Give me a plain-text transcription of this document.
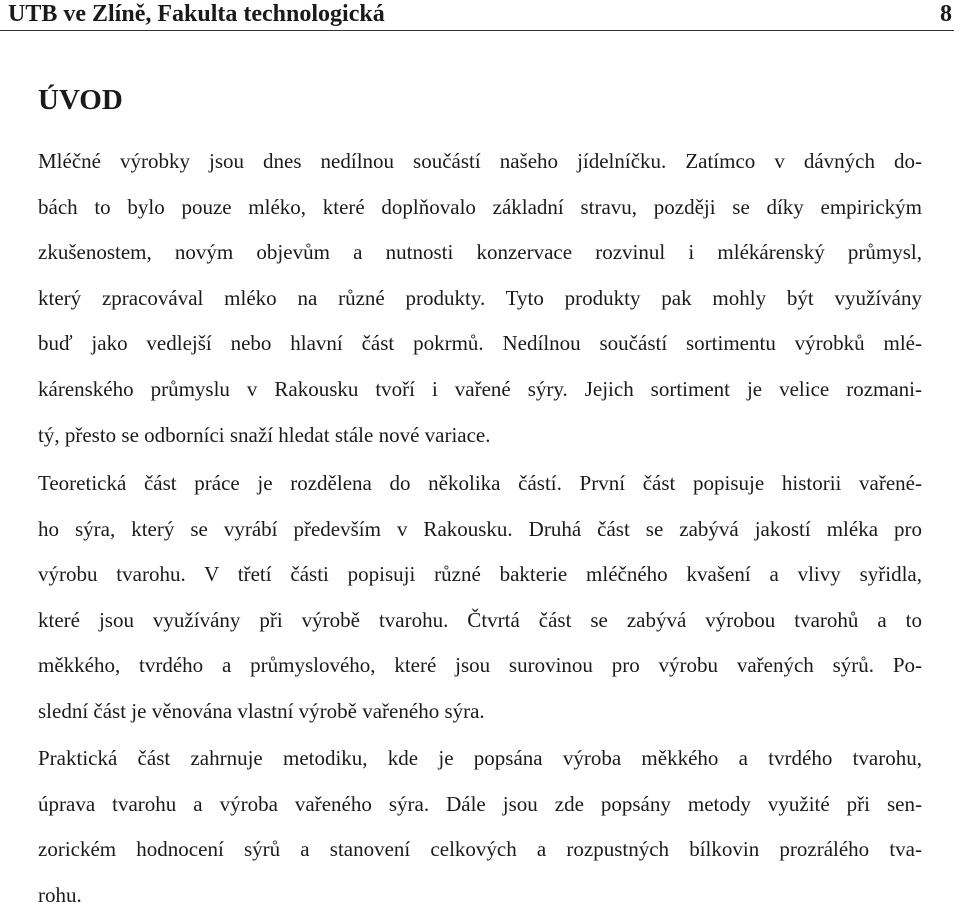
UTB ve Zlíně, Fakulta technologická	8
ÚVOD
Mléčné výrobky jsou dnes nedílnou součástí našeho jídelníčku. Zatímco v dávných do-
bách to bylo pouze mléko, které doplňovalo základní stravu, později se díky empirickým
zkušenostem, novým objevům a nutnosti konzervace rozvinul i mlékárenský průmysl,
který zpracovával mléko na různé produkty. Tyto produkty pak mohly být využívány
buď jako vedlejší nebo hlavní část pokrmů. Nedílnou součástí sortimentu výrobků mlé-
kárenského průmyslu v Rakousku tvoří i vařené sýry. Jejich sortiment je velice rozmani-
tý, přesto se odborníci snaží hledat stále nové variace.
Teoretická část práce je rozdělena do několika částí. První část popisuje historii vařené-
ho sýra, který se vyrábí především v Rakousku. Druhá část se zabývá jakostí mléka pro
výrobu tvarohu. V třetí části popisuji různé bakterie mléčného kvašení a vlivy syřidla,
které jsou využívány při výrobě tvarohu. Čtvrtá část se zabývá výrobou tvarohů a to
měkkého, tvrdého a průmyslového, které jsou surovinou pro výrobu vařených sýrů. Po-
slední část je věnována vlastní výrobě vařeného sýra.
Praktická část zahrnuje metodiku, kde je popsána výroba měkkého a tvrdého tvarohu,
úprava tvarohu a výroba vařeného sýra. Dále jsou zde popsány metody využité při sen-
zorickém hodnocení sýrů a stanovení celkových a rozpustných bílkovin prozrálého tva-
rohu.
